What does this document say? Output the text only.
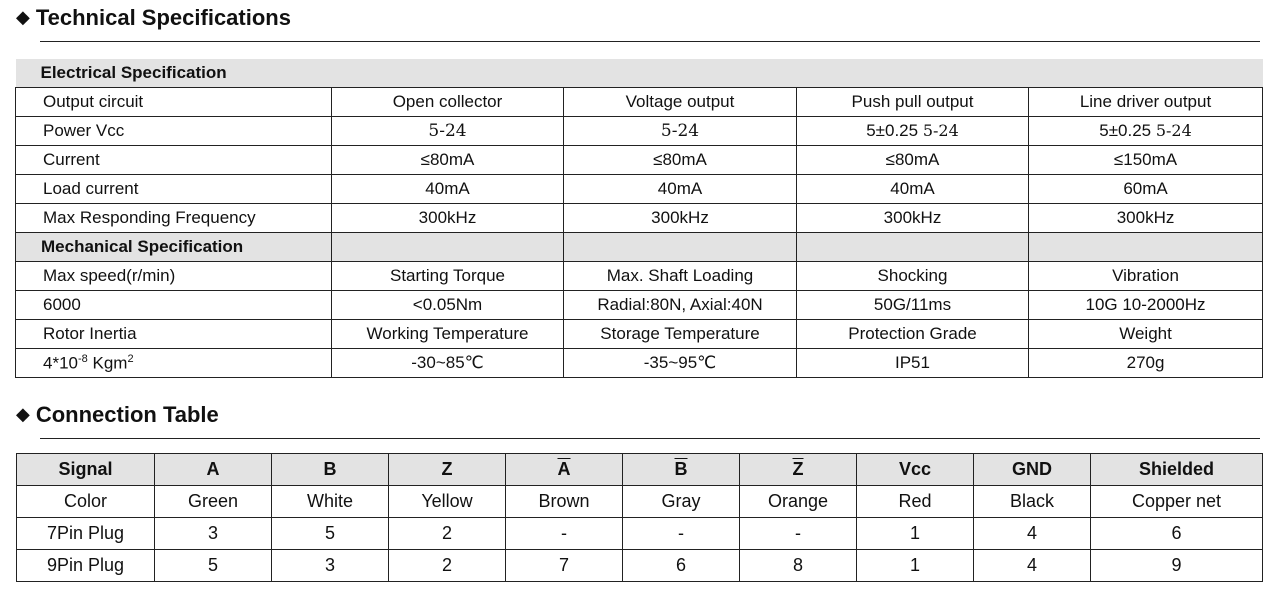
◆ Technical Specifications
Electrical Specification				
Output circuit	Open collector	Voltage output	Push pull output	Line driver output
Power Vcc	5-24	5-24	5±0.25 5-24	5±0.25 5-24
Current	≤80mA	≤80mA	≤80mA	≤150mA
Load current	40mA	40mA	40mA	60mA
Max Responding Frequency	300kHz	300kHz	300kHz	300kHz
Mechanical Specification				
Max speed(r/min)	Starting Torque	Max. Shaft Loading	Shocking	Vibration
6000	<0.05Nm	Radial:80N, Axial:40N	50G/11ms	10G 10-2000Hz
Rotor Inertia	Working Temperature	Storage Temperature	Protection Grade	Weight
$4*10^{-8}$ Kgm$^2$	-30~85℃	-35~95℃	IP51	270g
◆ Connection Table
Signal	A	B	Z	$\overline{A}$	$\overline{B}$	$\overline{Z}$	Vcc	GND	Shielded
Color	Green	White	Yellow	Brown	Gray	Orange	Red	Black	Copper net
7Pin Plug	3	5	2	-	-	-	1	4	6
9Pin Plug	5	3	2	7	6	8	1	4	9
